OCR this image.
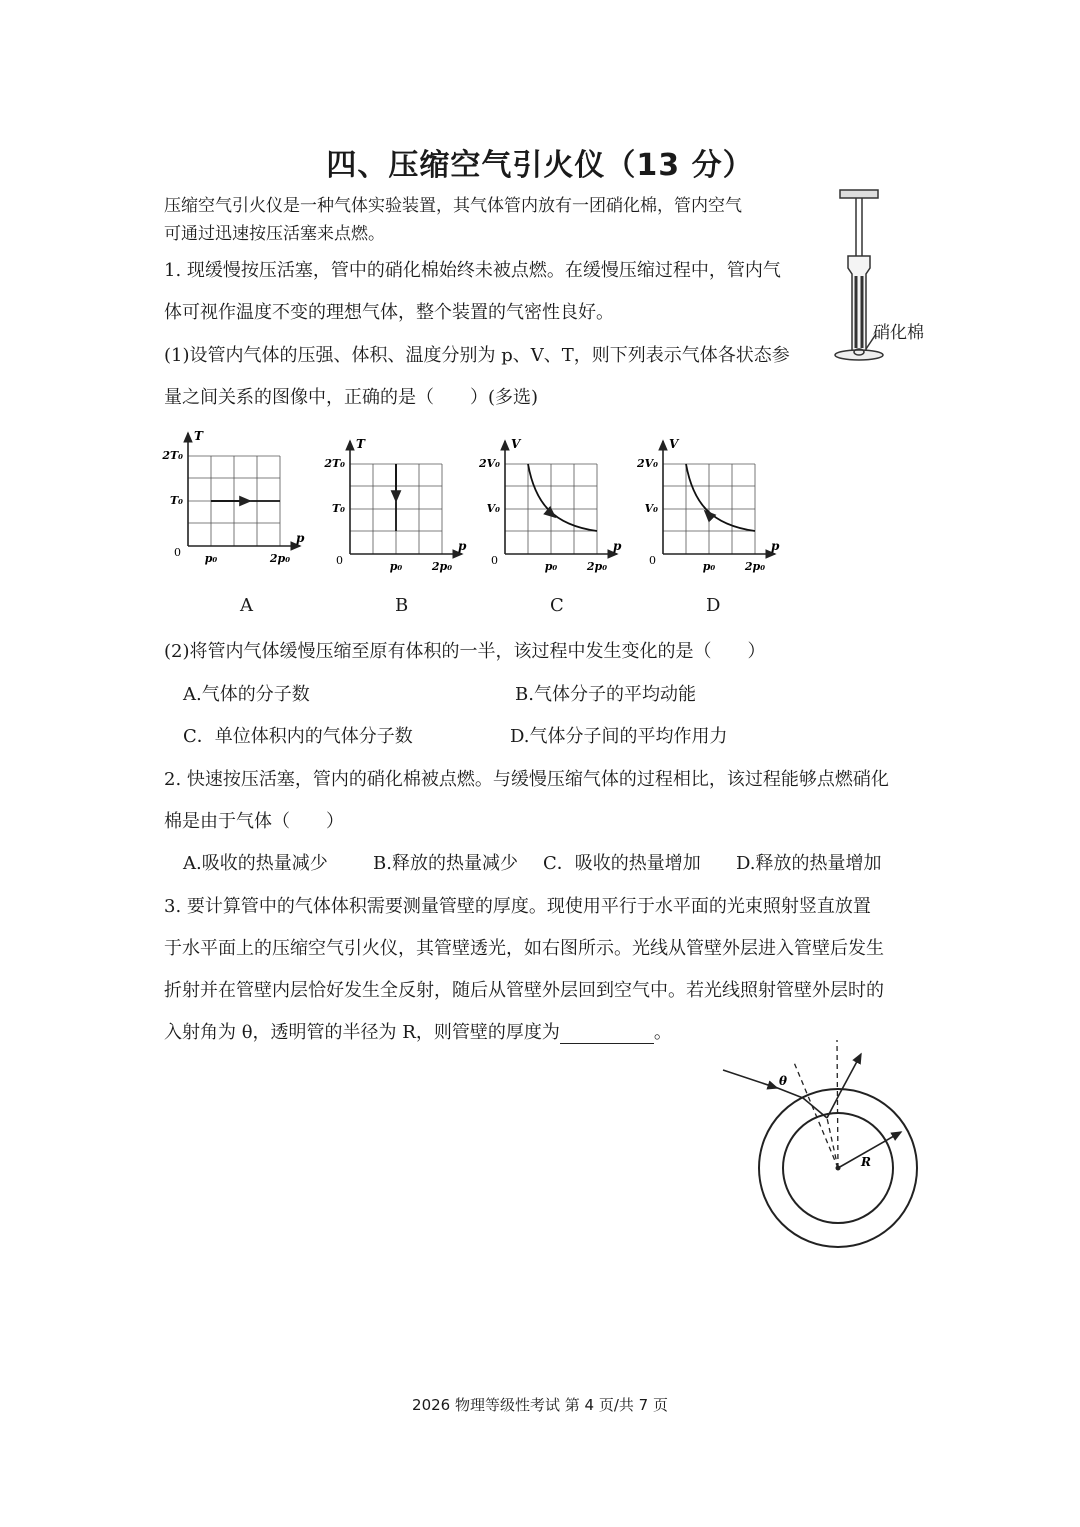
四、压缩空气引火仪（13 分）
压缩空气引火仪是一种气体实验装置，其气体管内放有一团硝化棉，管内空气
可通过迅速按压活塞来点燃。
硝化棉
1. 现缓慢按压活塞，管中的硝化棉始终未被点燃。在缓慢压缩过程中，管内气
体可视作温度不变的理想气体，整个装置的气密性良好。
(1)设管内气体的压强、体积、温度分别为 p、V、T，则下列表示气体各状态参
量之间关系的图像中，正确的是（　　）(多选)
T
2T₀
T₀
0 p₀	2p₀
p
T
2T₀
T₀
0	p₀	2p₀
p
V
2V₀
V₀
0	p₀	2p₀
p
V
2V₀
V₀
0	p₀	2p₀
p
A	B	C	D
(2)将管内气体缓慢压缩至原有体积的一半，该过程中发生变化的是（　　）
A.气体的分子数	B.气体分子的平均动能
C．单位体积内的气体分子数	D.气体分子间的平均作用力
2. 快速按压活塞，管内的硝化棉被点燃。与缓慢压缩气体的过程相比，该过程能够点燃硝化
棉是由于气体（　　）
A.吸收的热量减少	B.释放的热量减少 C．吸收的热量增加 D.释放的热量增加
3. 要计算管中的气体体积需要测量管壁的厚度。现使用平行于水平面的光束照射竖直放置
于水平面上的压缩空气引火仪，其管壁透光，如右图所示。光线从管壁外层进入管壁后发生
折射并在管壁内层恰好发生全反射，随后从管壁外层回到空气中。若光线照射管壁外层时的
入射角为 θ，透明管的半径为 R，则管壁的厚度为	。
θ
R
2026 物理等级性考试 第 4 页/共 7 页
